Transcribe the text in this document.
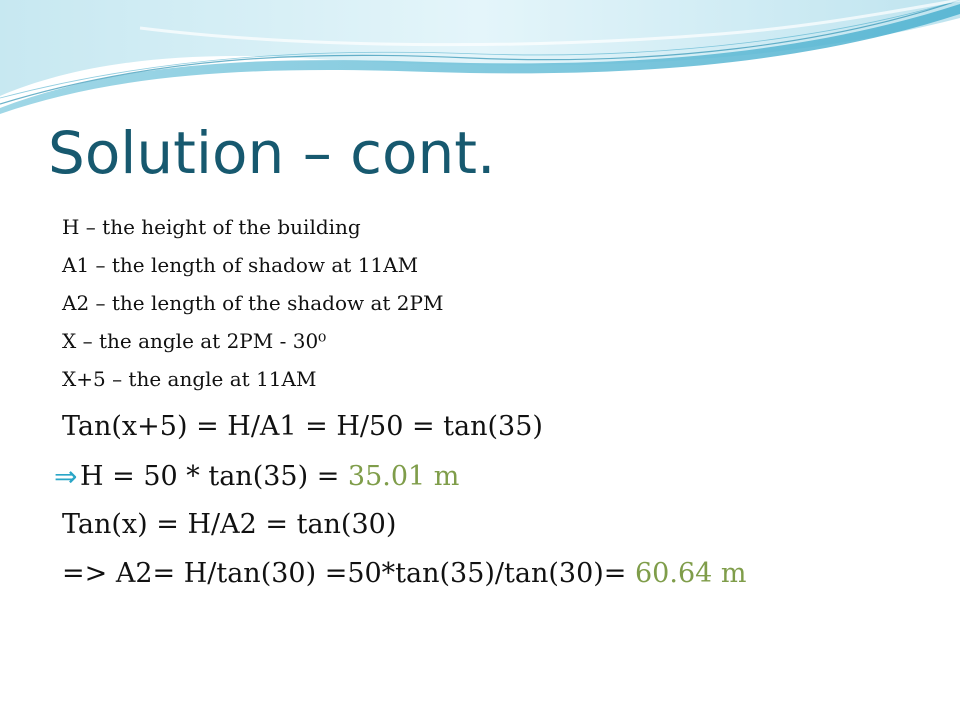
Solution – cont.
H – the height of the building
A1 – the length of shadow at 11AM
A2 – the length of the shadow at 2PM
X – the angle at 2PM - 30⁰
X+5 – the angle at 11AM
Tan(x+5) = H/A1 = H/50 = tan(35)
⇒H = 50 * tan(35) = 35.01 m
Tan(x) = H/A2 = tan(30)
=> A2= H/tan(30) =50*tan(35)/tan(30)= 60.64 m
